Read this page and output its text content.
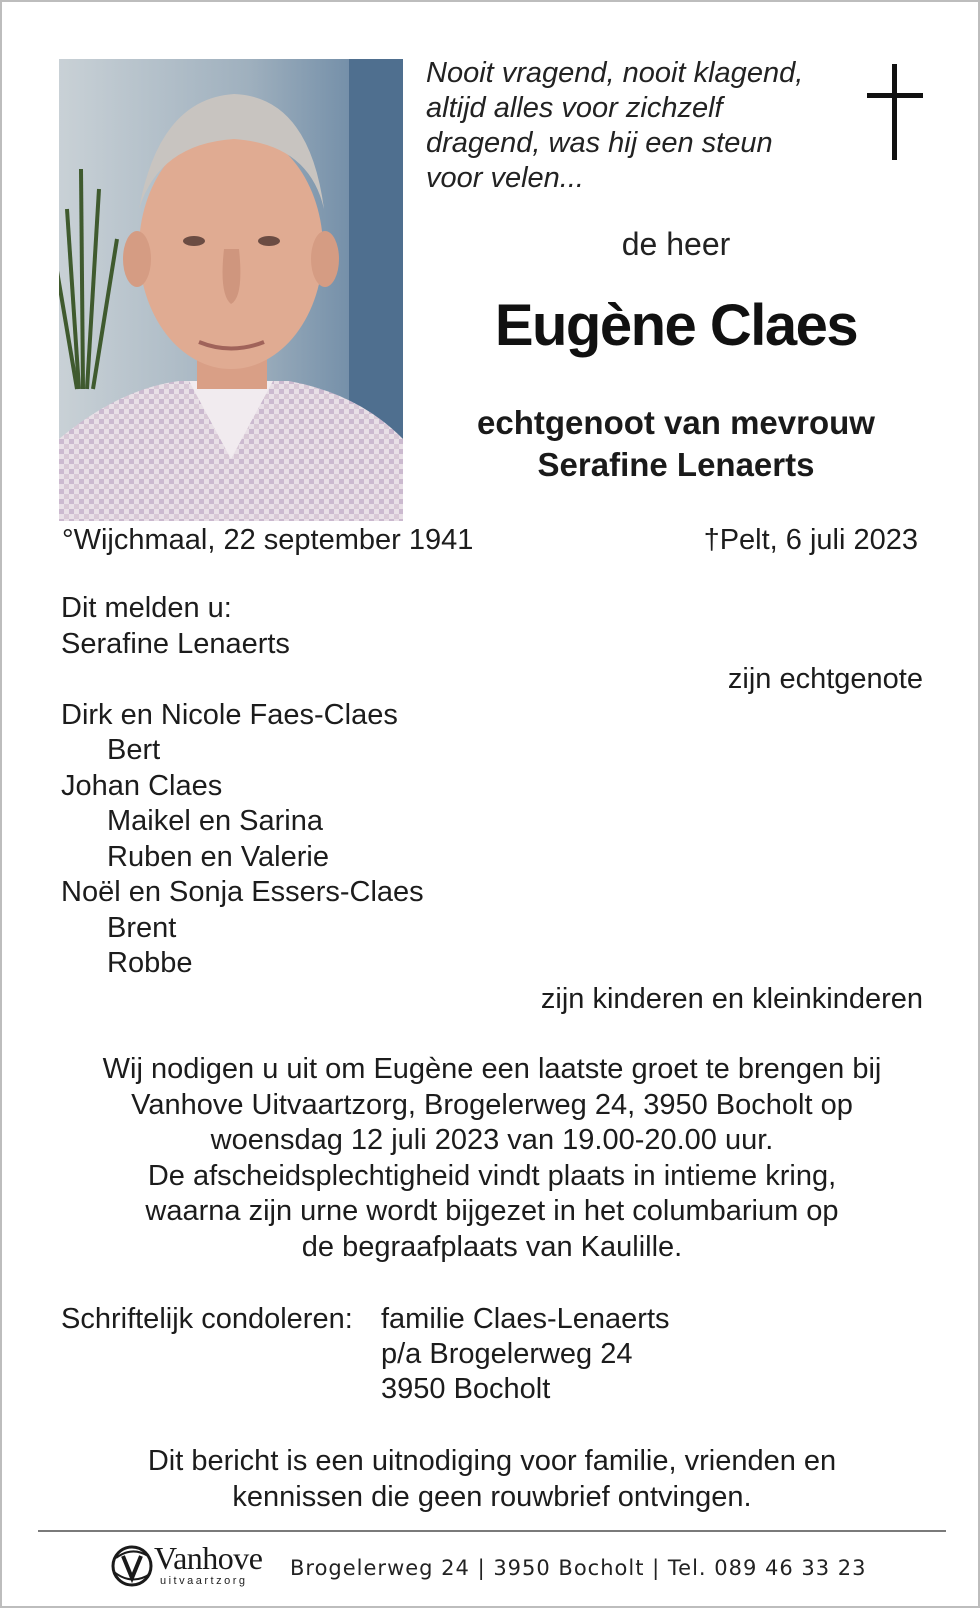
Nooit vragend, nooit klagend,
altijd alles voor zichzelf
dragend, was hij een steun
voor velen...
de heer
Eugène Claes
echtgenoot van mevrouw
Serafine Lenaerts
°Wijchmaal, 22 september 1941	†Pelt, 6 juli 2023
Dit melden u:
Serafine Lenaerts
zijn echtgenote
Dirk en Nicole Faes-Claes
Bert
Johan Claes
Maikel en Sarina
Ruben en Valerie
Noël en Sonja Essers-Claes
Brent
Robbe
zijn kinderen en kleinkinderen
Wij nodigen u uit om Eugène een laatste groet te brengen bij
Vanhove Uitvaartzorg, Brogelerweg 24, 3950 Bocholt op
woensdag 12 juli 2023 van 19.00-20.00 uur.
De afscheidsplechtigheid vindt plaats in intieme kring,
waarna zijn urne wordt bijgezet in het columbarium op
de begraafplaats van Kaulille.
Schriftelijk condoleren: familie Claes-Lenaerts
p/a Brogelerweg 24
3950 Bocholt
Dit bericht is een uitnodiging voor familie, vrienden en
kennissen die geen rouwbrief ontvingen.
Vanhove
uitvaartzorg
Brogelerweg 24 | 3950 Bocholt | Tel. 089 46 33 23
